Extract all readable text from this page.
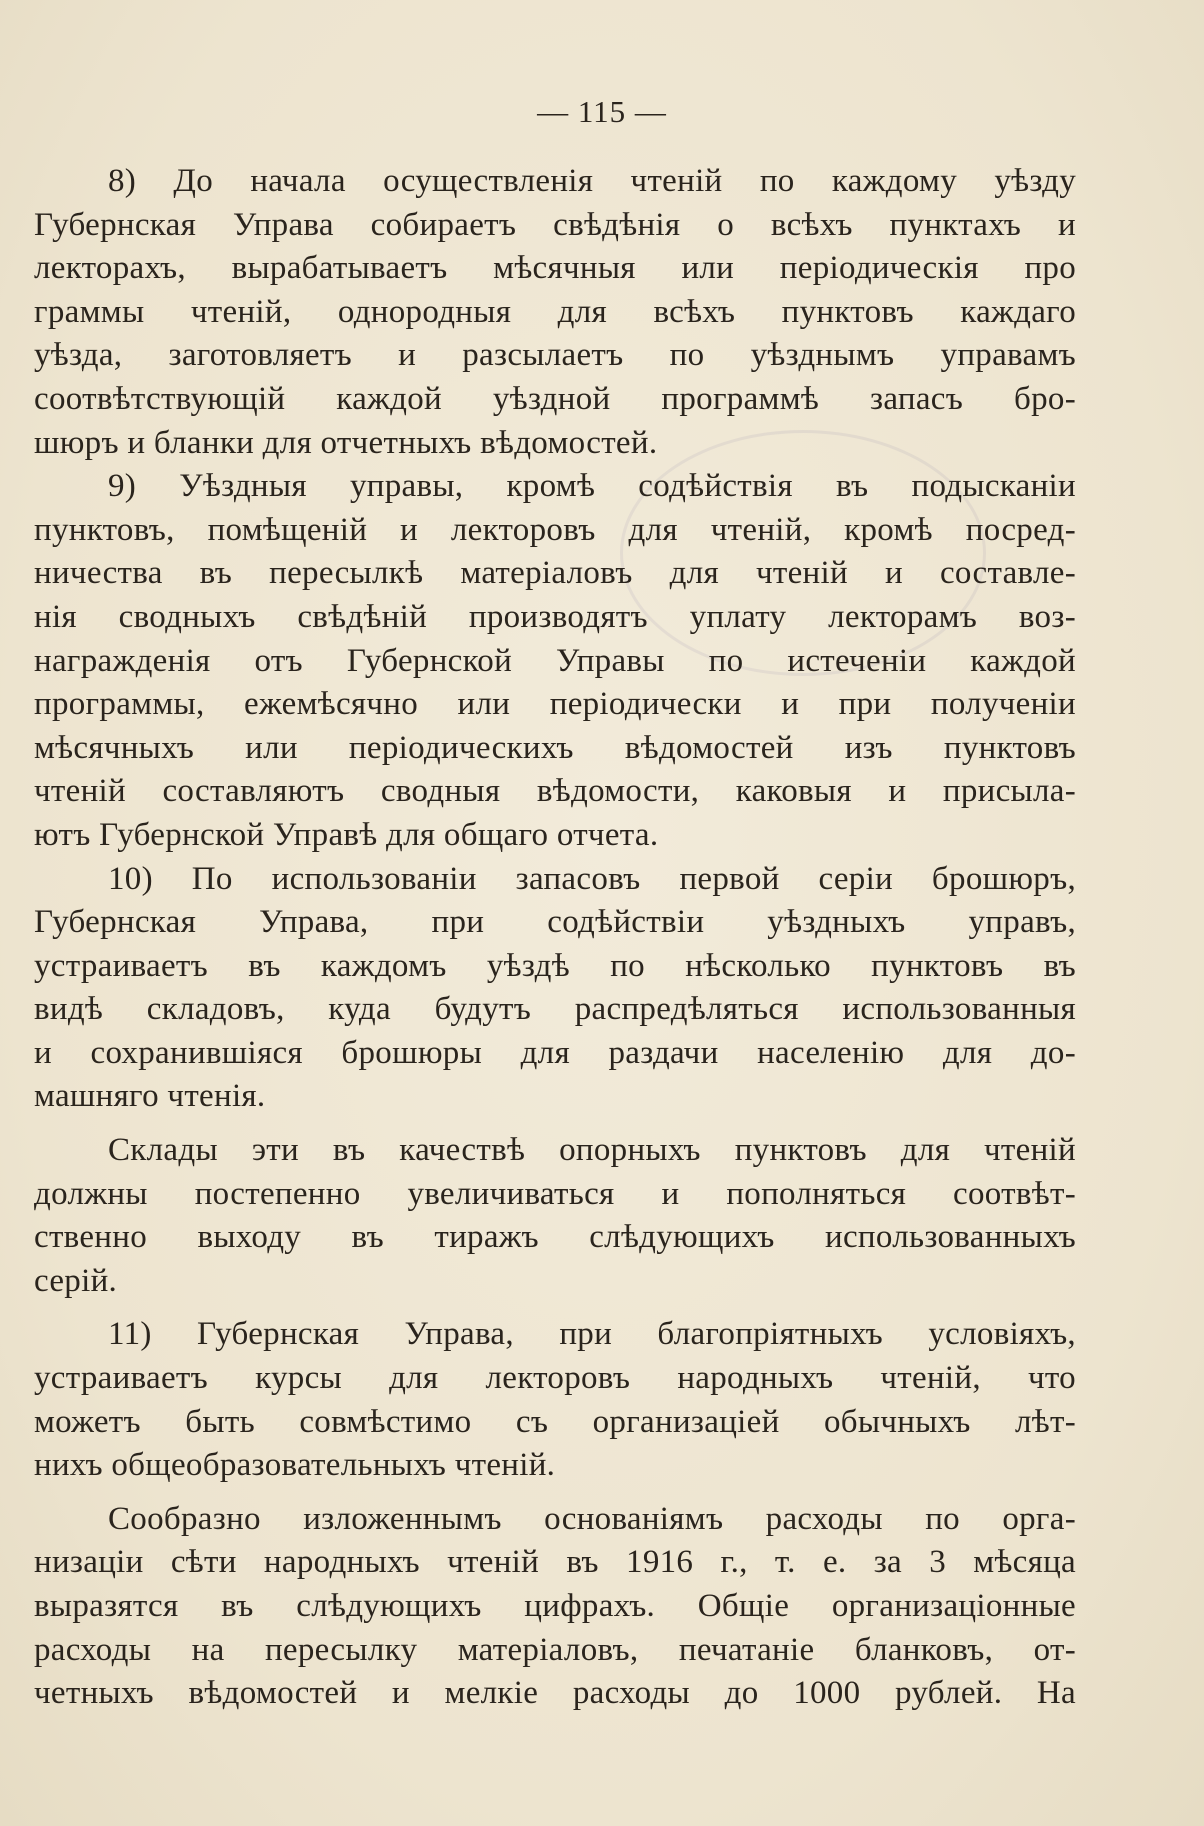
— 115 —
8) До начала осуществленія чтеній по каждому уѣзду
Губернская Управа собираетъ свѣдѣнія о всѣхъ пунктахъ и
лекторахъ, вырабатываетъ мѣсячныя или періодическія про
граммы чтеній, однородныя для всѣхъ пунктовъ каждаго
уѣзда, заготовляетъ и разсылаетъ по уѣзднымъ управамъ
соотвѣтствующій каждой уѣздной программѣ запасъ бро-
шюръ и бланки для отчетныхъ вѣдомостей.
9) Уѣздныя управы, кромѣ содѣйствія въ подысканіи
пунктовъ, помѣщеній и лекторовъ для чтеній, кромѣ посред-
ничества въ пересылкѣ матеріаловъ для чтеній и составле-
нія сводныхъ свѣдѣній производятъ уплату лекторамъ воз-
награжденія отъ Губернской Управы по истеченіи каждой
программы, ежемѣсячно или періодически и при полученіи
мѣсячныхъ или періодическихъ вѣдомостей изъ пунктовъ
чтеній составляютъ сводныя вѣдомости, каковыя и присыла-
ютъ Губернской Управѣ для общаго отчета.
10) По использованіи запасовъ первой серіи брошюръ,
Губернская Управа, при содѣйствіи уѣздныхъ управъ,
устраиваетъ въ каждомъ уѣздѣ по нѣсколько пунктовъ въ
видѣ складовъ, куда будутъ распредѣляться использованныя
и сохранившіяся брошюры для раздачи населенію для до-
машняго чтенія.
Склады эти въ качествѣ опорныхъ пунктовъ для чтеній
должны постепенно увеличиваться и пополняться соотвѣт-
ственно выходу въ тиражъ слѣдующихъ использованныхъ
серій.
11) Губернская Управа, при благопріятныхъ условіяхъ,
устраиваетъ курсы для лекторовъ народныхъ чтеній, что
можетъ быть совмѣстимо съ организаціей обычныхъ лѣт-
нихъ общеобразовательныхъ чтеній.
Сообразно изложеннымъ основаніямъ расходы по орга-
низаціи сѣти народныхъ чтеній въ 1916 г., т. е. за 3 мѣсяца
выразятся въ слѣдующихъ цифрахъ. Общіе организаціонные
расходы на пересылку матеріаловъ, печатаніе бланковъ, от-
четныхъ вѣдомостей и мелкіе расходы до 1000 рублей. На
